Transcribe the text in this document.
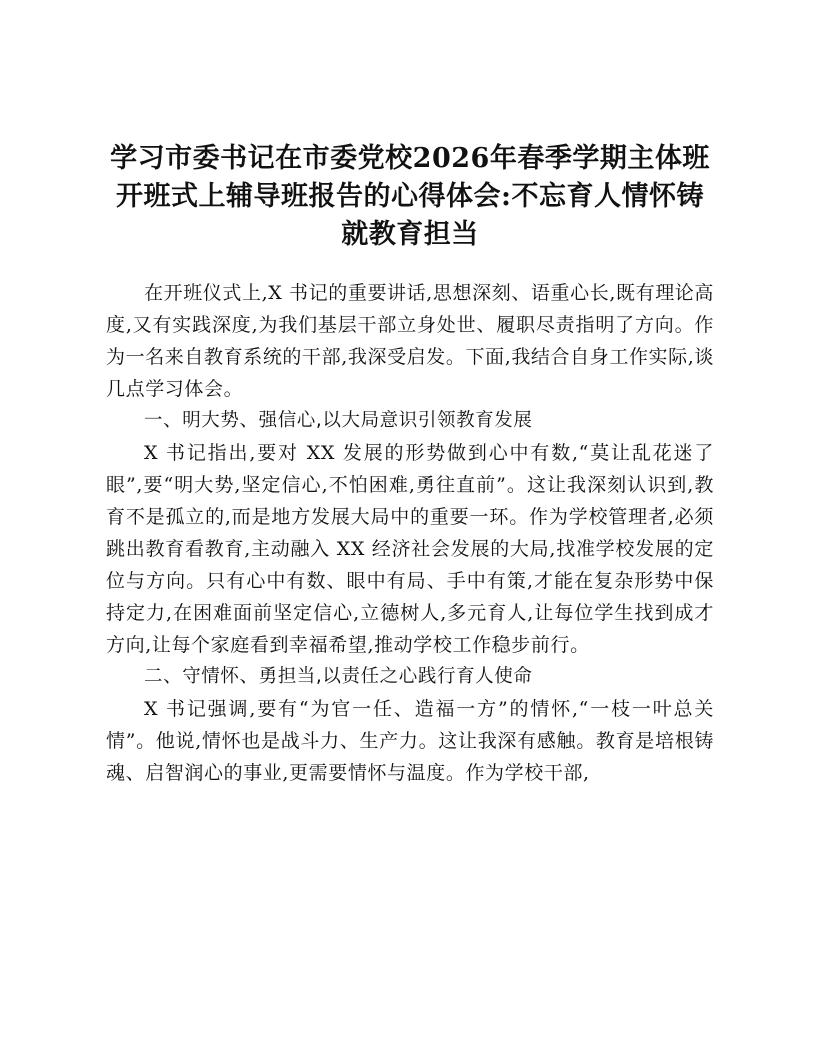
学习市委书记在市委党校2026年春季学期主体班开班式上辅导班报告的心得体会:不忘育人情怀铸就教育担当

在开班仪式上,X 书记的重要讲话,思想深刻、语重心长,既有理论高度,又有实践深度,为我们基层干部立身处世、履职尽责指明了方向。作为一名来自教育系统的干部,我深受启发。下面,我结合自身工作实际,谈几点学习体会。

一、明大势、强信心,以大局意识引领教育发展

X 书记指出,要对 XX 发展的形势做到心中有数,“莫让乱花迷了眼”,要“明大势,坚定信心,不怕困难,勇往直前”。这让我深刻认识到,教育不是孤立的,而是地方发展大局中的重要一环。作为学校管理者,必须跳出教育看教育,主动融入 XX 经济社会发展的大局,找准学校发展的定位与方向。只有心中有数、眼中有局、手中有策,才能在复杂形势中保持定力,在困难面前坚定信心,立德树人,多元育人,让每位学生找到成才方向,让每个家庭看到幸福希望,推动学校工作稳步前行。

二、守情怀、勇担当,以责任之心践行育人使命

X 书记强调,要有“为官一任、造福一方”的情怀,“一枝一叶总关情”。他说,情怀也是战斗力、生产力。这让我深有感触。教育是培根铸魂、启智润心的事业,更需要情怀与温度。作为学校干部,
